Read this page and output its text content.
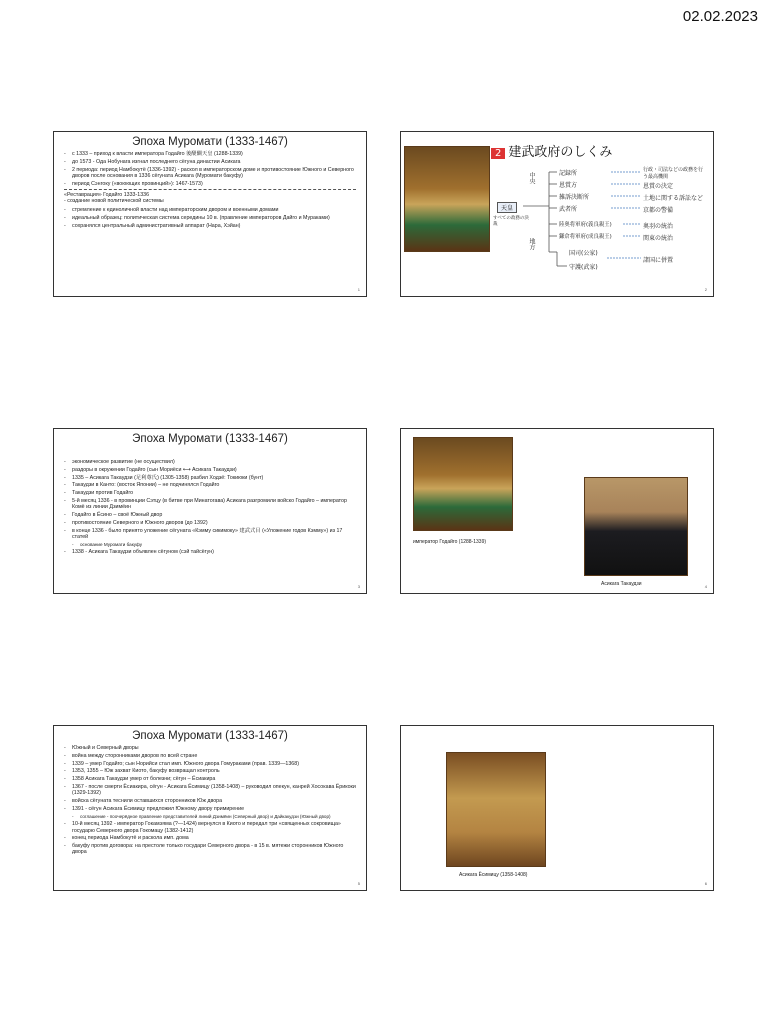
02.02.2023
Эпоха Муромати (1333-1467)
- с 1333 – приход к власти императора Годайго 後醍醐天皇 (1288-1339)
- до 1573 - Ода Нобунага изгнал последнего сёгуна династии Асикага
- 2 периода: период Намбокутё (1336-1392) - раскол в императорском доме и противостояние Южного и Северного дворов после основания в 1336 сёгуната Асикага (Муромати бакуфу)
- период Сэнгоку («воюющих провинций»): 1467-1573)
«Реставрация» Годайго 1333-1336
- создание новой политической системы
- стремление к единоличной власти над императорским двором и военными домами
- идеальный образец: политическая система середины 10 в. (правление императоров Дайго и Мураками)
- сохранялся центральный административный аппарат (Нара, Хэйан)
1
2 建武政府のしくみ
中央
地方
天皇
すべての政務の決裁
記録所
恩賞方
雑訴決断所
武者所
陸奥将軍府(義良親王)
鎌倉将軍府(成良親王)
国司(公家)
守護(武家)
行政・司法などの政務を行う最高機関
恩賞の決定
土地に関する訴訟など
京都の警備
奥羽の統治
関東の統治
諸国に併置
2
Эпоха Муромати (1333-1467)
- экономическое развитие (не осуществил)
- раздоры в окружении Годайго (сын Мориёси ⟷ Асикага Такаудзи)
- 1335 – Асикага Такаудзи (足利尊氏) (1305-1358) разбил Ходзё: Токиюки (бунт)
- Такаудзи в Канто: (восток Японии) – не подчинялся Годайго
- Такаудзи против Годайго
- 5-й месяц 1336 - в провинции Сэтцу (в битве при Минатогава) Асикага разгромили войско Годайго – император Комё из линии Дзимёин
- Годайго в Ёсино – своё Южный двор
- противостояние Северного и Южного дворов (до 1392)
- в конце 1336 - было принято уложение сёгуната «Кэмму сикимоку» 建武式目 («Уложение годов Кэмму») из 17 статей
- основание Муромати бакуфу
- 1338 - Асикага Такаудзи объявлен сёгуном (сэй тайсёгун)
3
император Годайго (1288-1339)
Асикага Такаудзи	4
Эпоха Муромати (1333-1467)
- Южный и Северный дворы
- война между сторонниками дворов по всей стране
- 1339 – умер Годайго; сын Норийси стал имп. Южного двора Гомураками (прав. 1339—1368)
- 1353, 1355 – Юж захват Киото, бакуфу возвращал контроль
- 1358 Асикага Такаудзи умер от болезни; сёгун – Ёсиакира
- 1367 - после смерти Ёсиакира, сёгун - Асикага Ёсимицу (1358-1408) – руководил опекун, канрей Хосокава Ёрикоки (1329-1392)
- войска сёгуната теснили оставшихся сторонников Юж двора
- 1391 - сёгун Асикага Ёсимицу предложил Южному двору примирение
- соглашение - поочерёдное правление представителей линий Дзимёин (Северный двор) и Дайкакудзи (Южный двор)
- 10-й месяц 1392 - император Гокамэяма (?—1424) вернулся в Киото и передал три «священных сокровища» государю Северного двора Гокомацу (1382-1412)
- конец периода Намбокутё и раскола имп. дома
- бакуфу против договора: на престоле только государи Северного двора - в 15 в. мятежи сторонников Южного двора
5
Асикага Ёсимицу (1358-1408)
6
